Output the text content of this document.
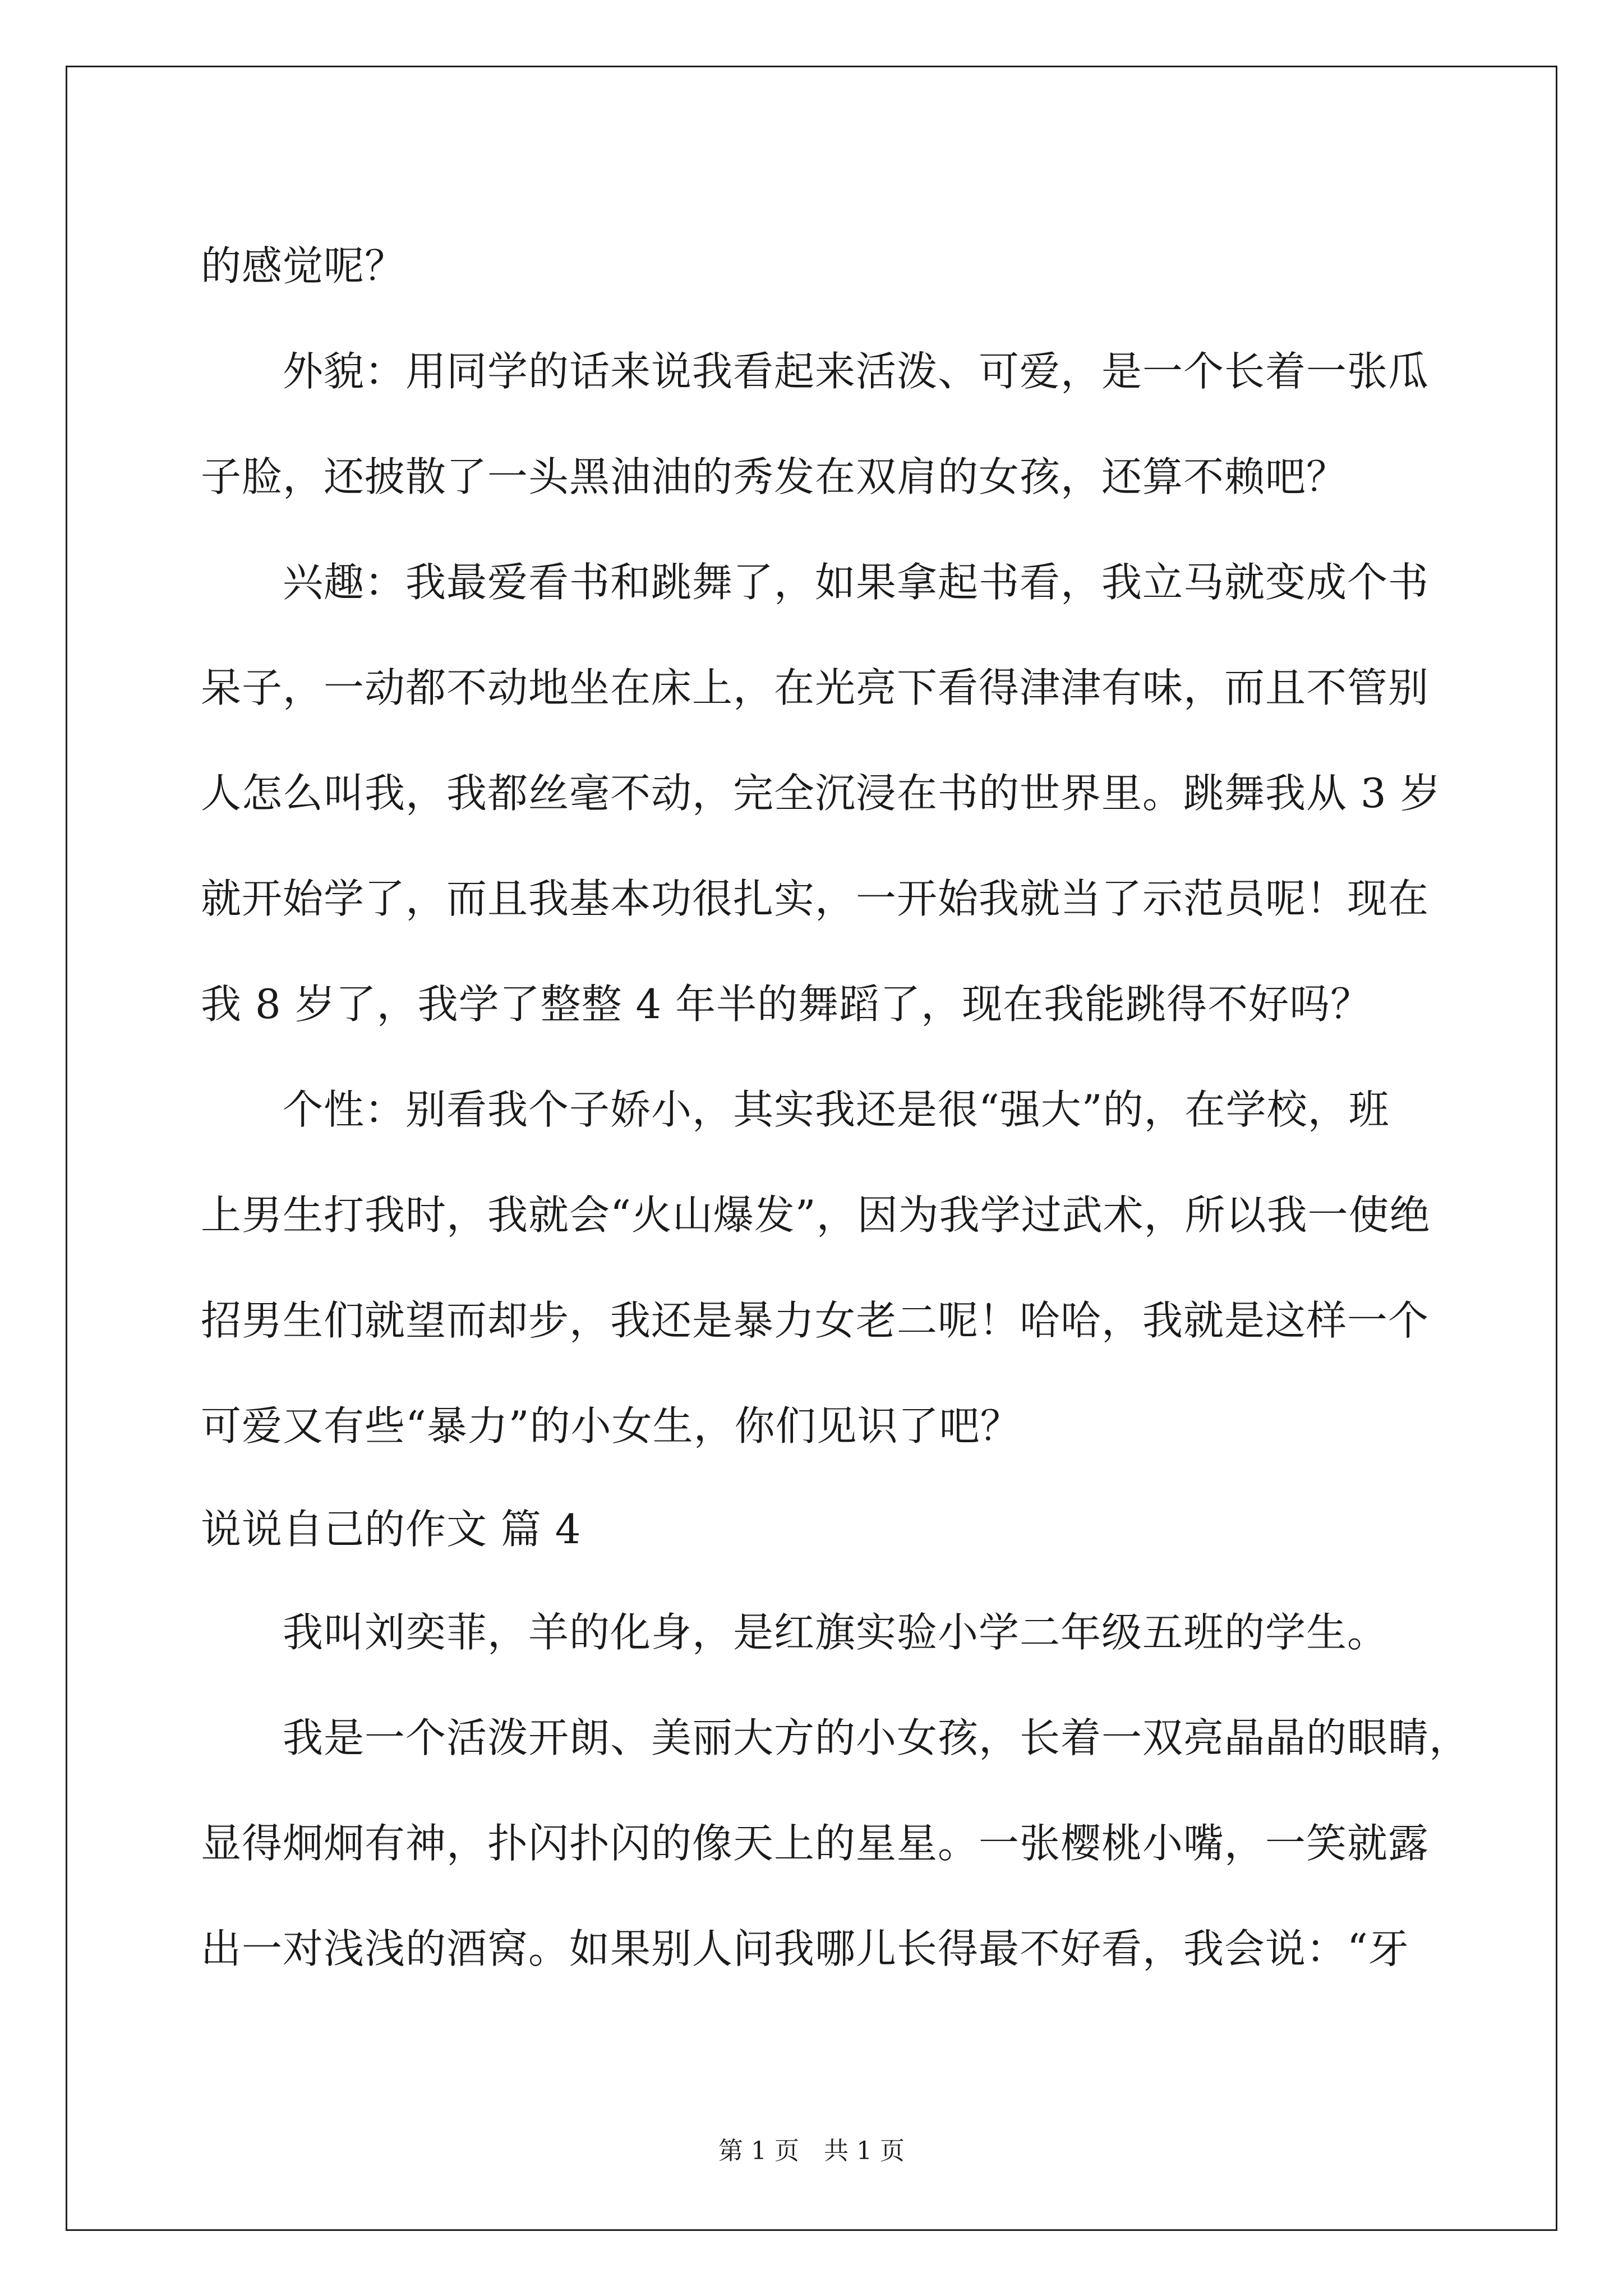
的感觉呢？
外貌：用同学的话来说我看起来活泼、可爱，是一个长着一张瓜
子脸，还披散了一头黑油油的秀发在双肩的女孩，还算不赖吧？
兴趣：我最爱看书和跳舞了，如果拿起书看，我立马就变成个书
呆子，一动都不动地坐在床上，在光亮下看得津津有味，而且不管别
人怎么叫我，我都丝毫不动，完全沉浸在书的世界里。跳舞我从 3 岁
就开始学了，而且我基本功很扎实，一开始我就当了示范员呢！现在
我 8 岁了，我学了整整 4 年半的舞蹈了，现在我能跳得不好吗？
个性：别看我个子娇小，其实我还是很“强大”的，在学校，班
上男生打我时，我就会“火山爆发”，因为我学过武术，所以我一使绝
招男生们就望而却步，我还是暴力女老二呢！哈哈，我就是这样一个
可爱又有些“暴力”的小女生，你们见识了吧？
说说自己的作文 篇 4
我叫刘奕菲，羊的化身，是红旗实验小学二年级五班的学生。
我是一个活泼开朗、美丽大方的小女孩，长着一双亮晶晶的眼睛，
显得炯炯有神，扑闪扑闪的像天上的星星。一张樱桃小嘴，一笑就露
出一对浅浅的酒窝。如果别人问我哪儿长得最不好看，我会说：“牙
第 1 页 共 1 页
